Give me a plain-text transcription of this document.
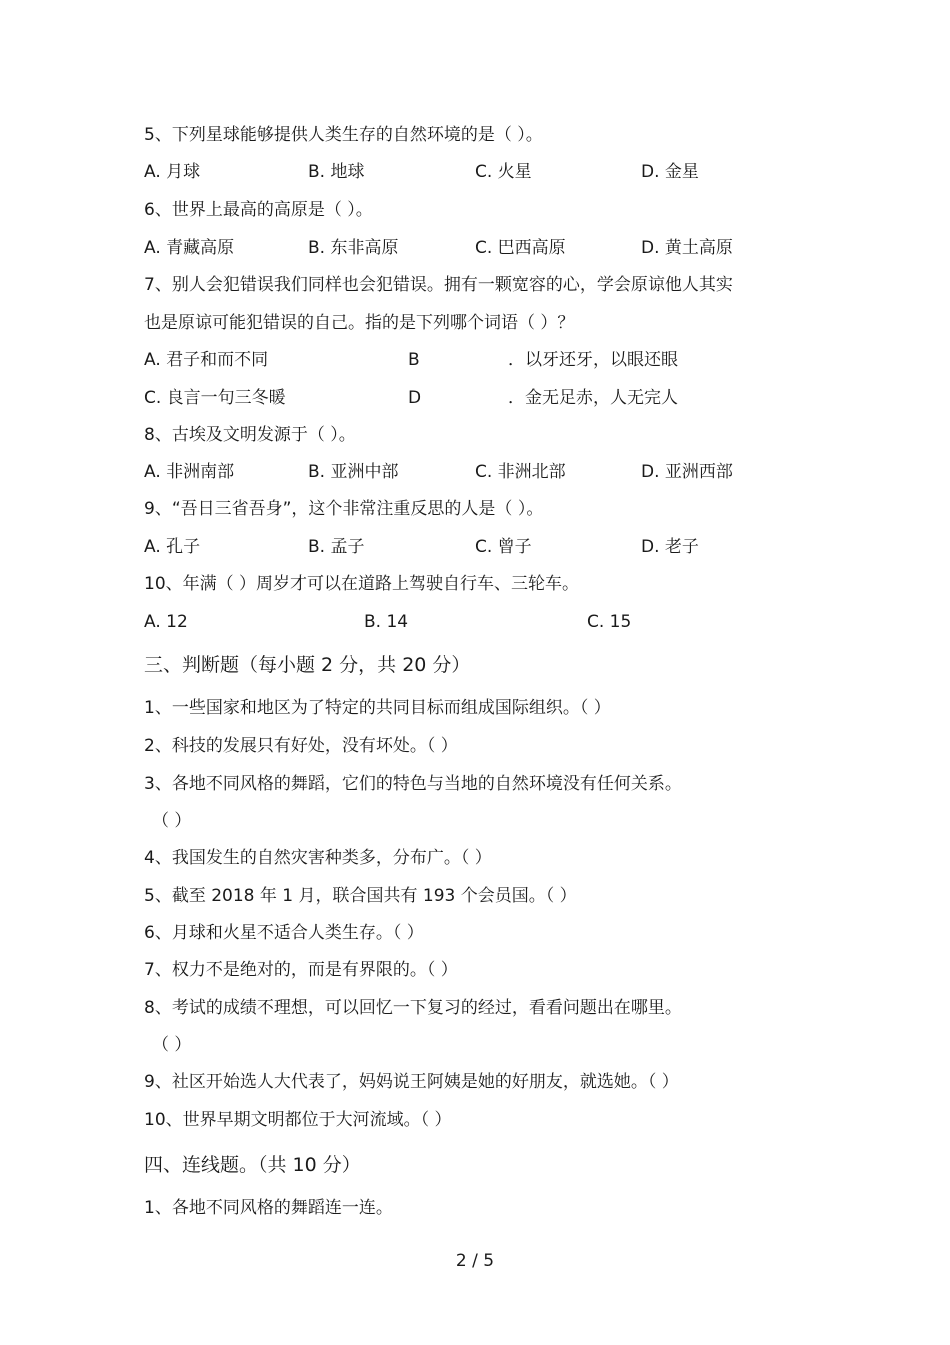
5、下列星球能够提供人类生存的自然环境的是（ ）。
A. 月球	B. 地球	C. 火星	D. 金星
6、世界上最高的高原是（ ）。
A. 青藏高原	B. 东非高原	C. 巴西高原	D. 黄土高原
7、别人会犯错误我们同样也会犯错误。拥有一颗宽容的心，学会原谅他人其实
也是原谅可能犯错误的自己。指的是下列哪个词语（ ）？
A. 君子和而不同	B	．以牙还牙，以眼还眼
C. 良言一句三冬暖	D	．金无足赤，人无完人
8、古埃及文明发源于（ ）。
A. 非洲南部	B. 亚洲中部	C. 非洲北部	D. 亚洲西部
9、“吾日三省吾身”，这个非常注重反思的人是（ ）。
A. 孔子	B. 孟子	C. 曾子	D. 老子
10、年满（ ）周岁才可以在道路上驾驶自行车、三轮车。
A. 12	B. 14	C. 15
三、判断题（每小题 2 分，共 20 分）
1、一些国家和地区为了特定的共同目标而组成国际组织。（ ）
2、科技的发展只有好处，没有坏处。（ ）
3、各地不同风格的舞蹈，它们的特色与当地的自然环境没有任何关系。
（ ）
4、我国发生的自然灾害种类多，分布广。（ ）
5、截至 2018 年 1 月，联合国共有 193 个会员国。（ ）
6、月球和火星不适合人类生存。（ ）
7、权力不是绝对的，而是有界限的。（ ）
8、考试的成绩不理想，可以回忆一下复习的经过，看看问题出在哪里。
（ ）
9、社区开始选人大代表了，妈妈说王阿姨是她的好朋友，就选她。（ ）
10、世界早期文明都位于大河流域。（ ）
四、连线题。（共 10 分）
1、各地不同风格的舞蹈连一连。
2 / 5
